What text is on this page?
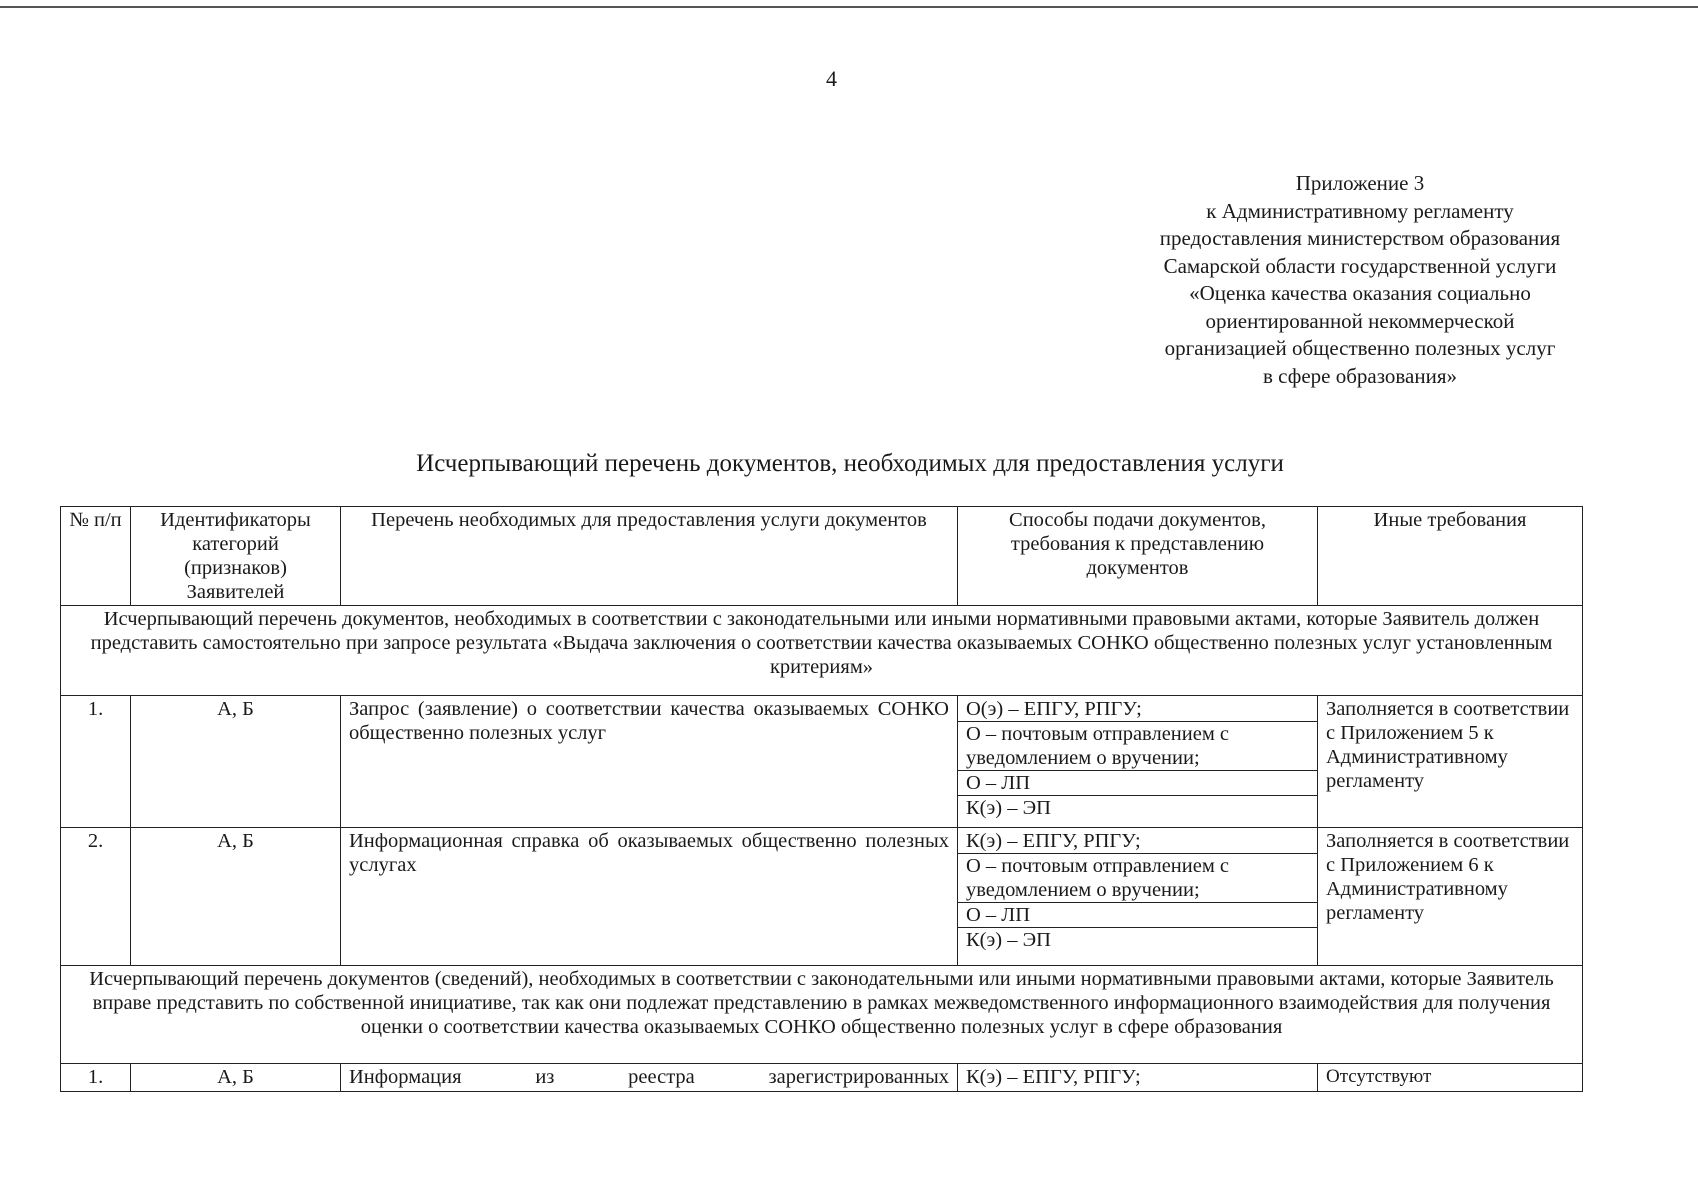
4
Приложение 3
к Административному регламенту
предоставления министерством образования
Самарской области государственной услуги
«Оценка качества оказания социально
ориентированной некоммерческой
организацией общественно полезных услуг
в сфере образования»
Исчерпывающий перечень документов, необходимых для предоставления услуги
№ п/п	Идентификаторы категорий (признаков) Заявителей	Перечень необходимых для предоставления услуги документов	Способы подачи документов, требования к представлению документов	Иные требования
Исчерпывающий перечень документов, необходимых в соответствии с законодательными или иными нормативными правовыми актами, которые Заявитель должен представить самостоятельно при запросе результата «Выдача заключения о соответствии качества оказываемых СОНКО общественно полезных услуг установленным критериям»				
1.	А, Б	Запрос (заявление) о соответствии качества оказываемых СОНКО общественно полезных услуг	О(э) – ЕПГУ, РПГУ;
О – почтовым отправлением с уведомлением о вручении;
О – ЛП
К(э) – ЭП	Заполняется в соответствии с Приложением 5 к Административному регламенту
2.	А, Б	Информационная справка об оказываемых общественно полезных услугах	К(э) – ЕПГУ, РПГУ;
О – почтовым отправлением с уведомлением о вручении;
О – ЛП
К(э) – ЭП	Заполняется в соответствии с Приложением 6 к Административному регламенту
Исчерпывающий перечень документов (сведений), необходимых в соответствии с законодательными или иными нормативными правовыми актами, которые Заявитель вправе представить по собственной инициативе, так как они подлежат представлению в рамках межведомственного информационного взаимодействия для получения оценки о соответствии качества оказываемых СОНКО общественно полезных услуг в сфере образования				
1.	А, Б	Информация из реестра зарегистрированных	К(э) – ЕПГУ, РПГУ;	Отсутствуют
